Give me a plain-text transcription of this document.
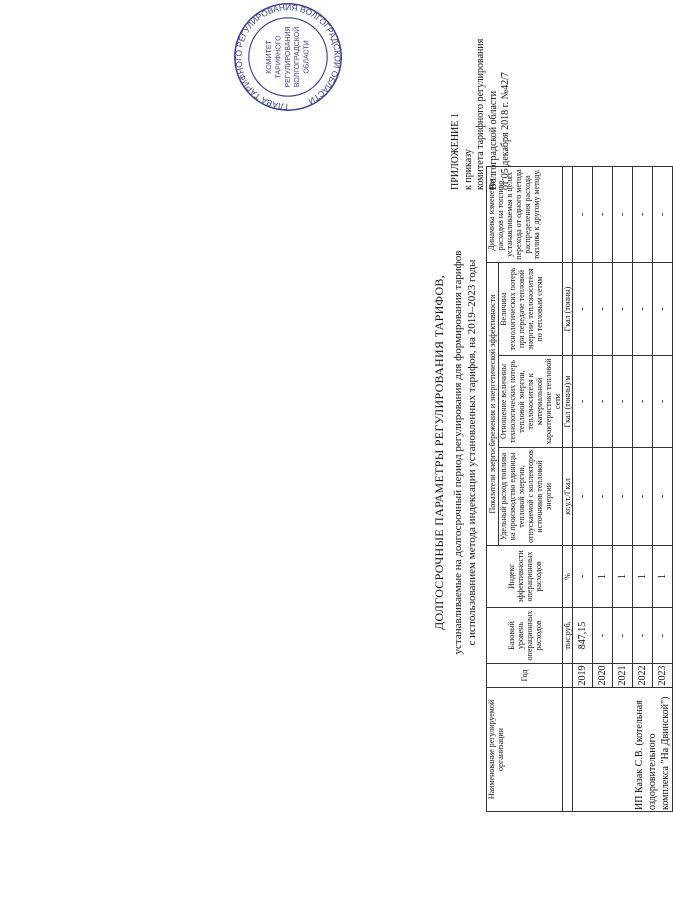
ГЛАВА ТАРИФНОГО РЕГУЛИРОВАНИЯ ВОЛГОГРАДСКОЙ ОБЛАСТИ
КОМИТЕТ ТАРИФНОГО РЕГУЛИРОВАНИЯ ВОЛГОГРАДСКОЙ ОБЛАСТИ
ПРИЛОЖЕНИЕ 1 к приказу комитета тарифного регулирования Волгоградской области от 05 декабря 2018 г. №42/7
ДОЛГОСРОЧНЫЕ ПАРАМЕТРЫ РЕГУЛИРОВАНИЯ ТАРИФОВ, устанавливаемые на долгосрочный период регулирования для формирования тарифов с использованием метода индексации установленных тарифов, на 2019–2023 годы
Наименование регулируемой организации	Год	Базовый уровень операционных расходов	Индекс эффективности операционных расходов	Показатели энергосбережения и энергетической эффективности			Динамика изменения расходов на топливо, устанавливаемая в целях перехода от одного метода распределения расхода топлива к другому методу.
				Удельный расход топлива на производство единицы тепловой энергии, отпускаемой с коллекторов источников тепловой энергии	Отношение величины технологических потерь тепловой энергии, теплоносителя к материальной характеристике тепловой сети	Величина технологических потерь при передаче тепловой энергии, теплоносителя по тепловым сетям	
		тыс.руб.	%	кг.у.т./Гкал	Гкал (тонны)/м	Гкал (тонны)	
ИП Казак С.В. (котельная оздоровительного комплекса "На Двинской")	2019	847,15	-	-	-	-	-
	2020	-	1	-	-	-	-
	2021	-	1	-	-	-	-
	2022	-	1	-	-	-	-
	2023	-	1	-	-	-	-
